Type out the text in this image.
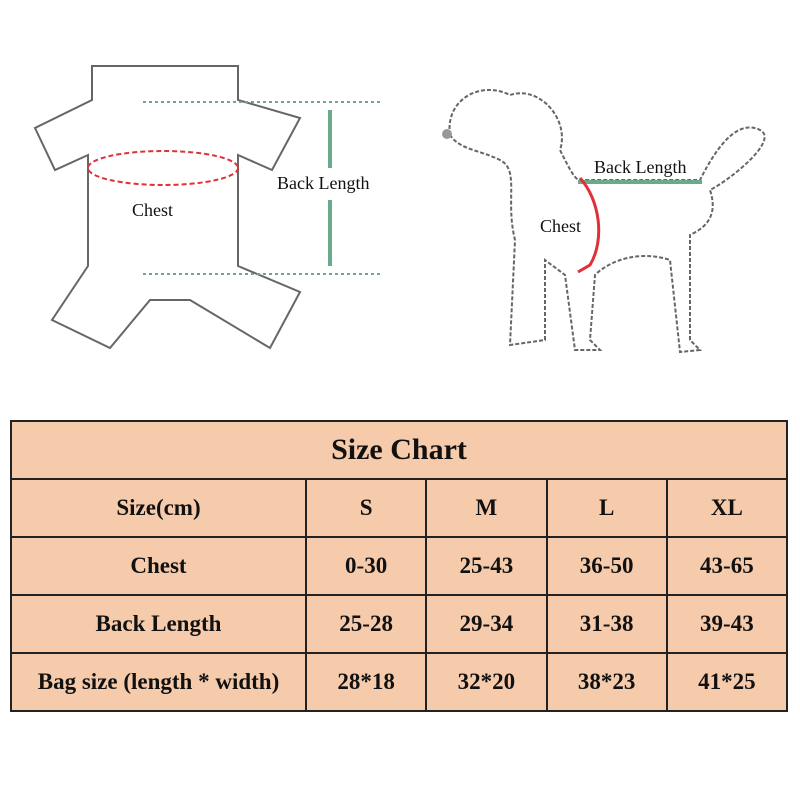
Back Length
Chest
Back Length
Chest
Size Chart				
Size(cm)	S	M	L	XL
Chest	0-30	25-43	36-50	43-65
Back Length	25-28	29-34	31-38	39-43
Bag size (length * width)	28*18	32*20	38*23	41*25
